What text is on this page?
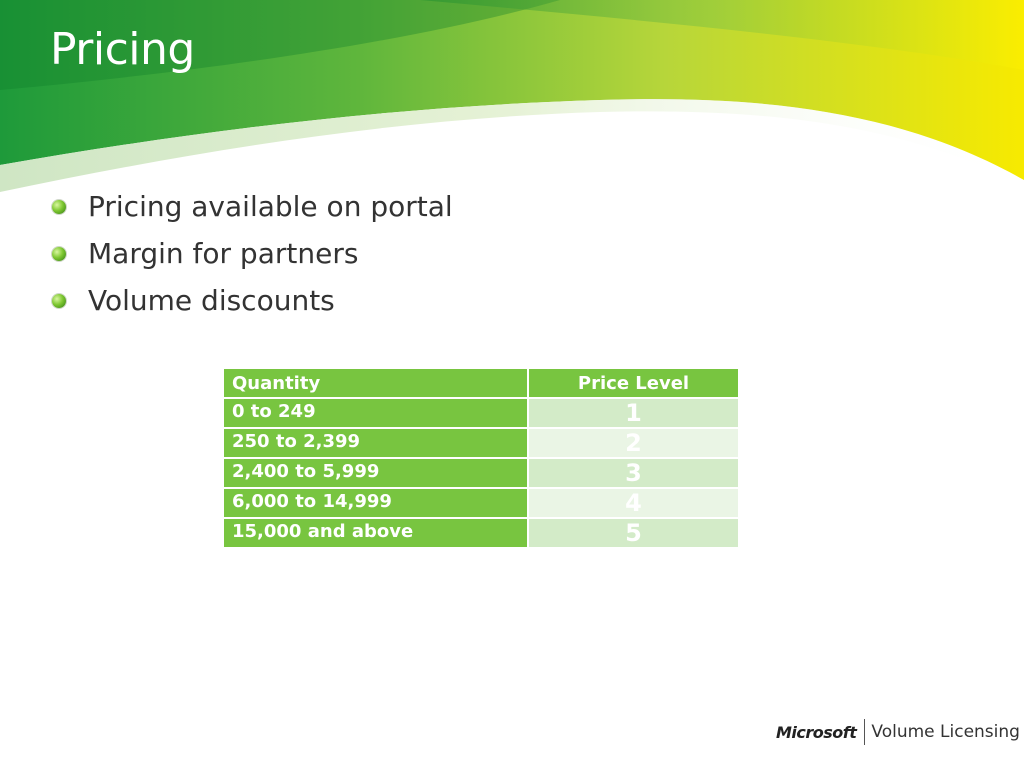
Pricing
Pricing available on portal
Margin for partners
Volume discounts
Quantity	Price Level
0 to 249	1
250 to 2,399	2
2,400 to 5,999	3
6,000 to 14,999	4
15,000 and above	5
Microsoft Volume Licensing
